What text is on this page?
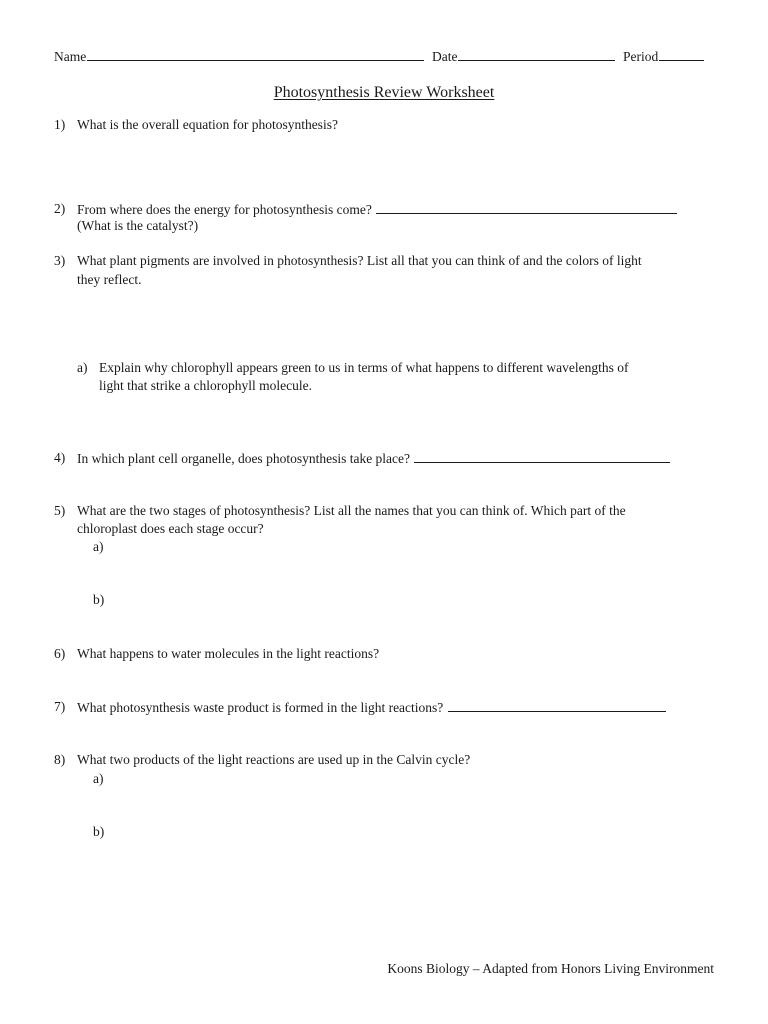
Name	Date	Period
Photosynthesis Review Worksheet
1) What is the overall equation for photosynthesis?
2) From where does the energy for photosynthesis come?
(What is the catalyst?)
3) What plant pigments are involved in photosynthesis? List all that you can think of and the colors of light
they reflect.
a) Explain why chlorophyll appears green to us in terms of what happens to different wavelengths of
light that strike a chlorophyll molecule.
4) In which plant cell organelle, does photosynthesis take place?
5) What are the two stages of photosynthesis? List all the names that you can think of. Which part of the
chloroplast does each stage occur?
a)
b)
6) What happens to water molecules in the light reactions?
7) What photosynthesis waste product is formed in the light reactions?
8) What two products of the light reactions are used up in the Calvin cycle?
a)
b)
Koons Biology – Adapted from Honors Living Environment
